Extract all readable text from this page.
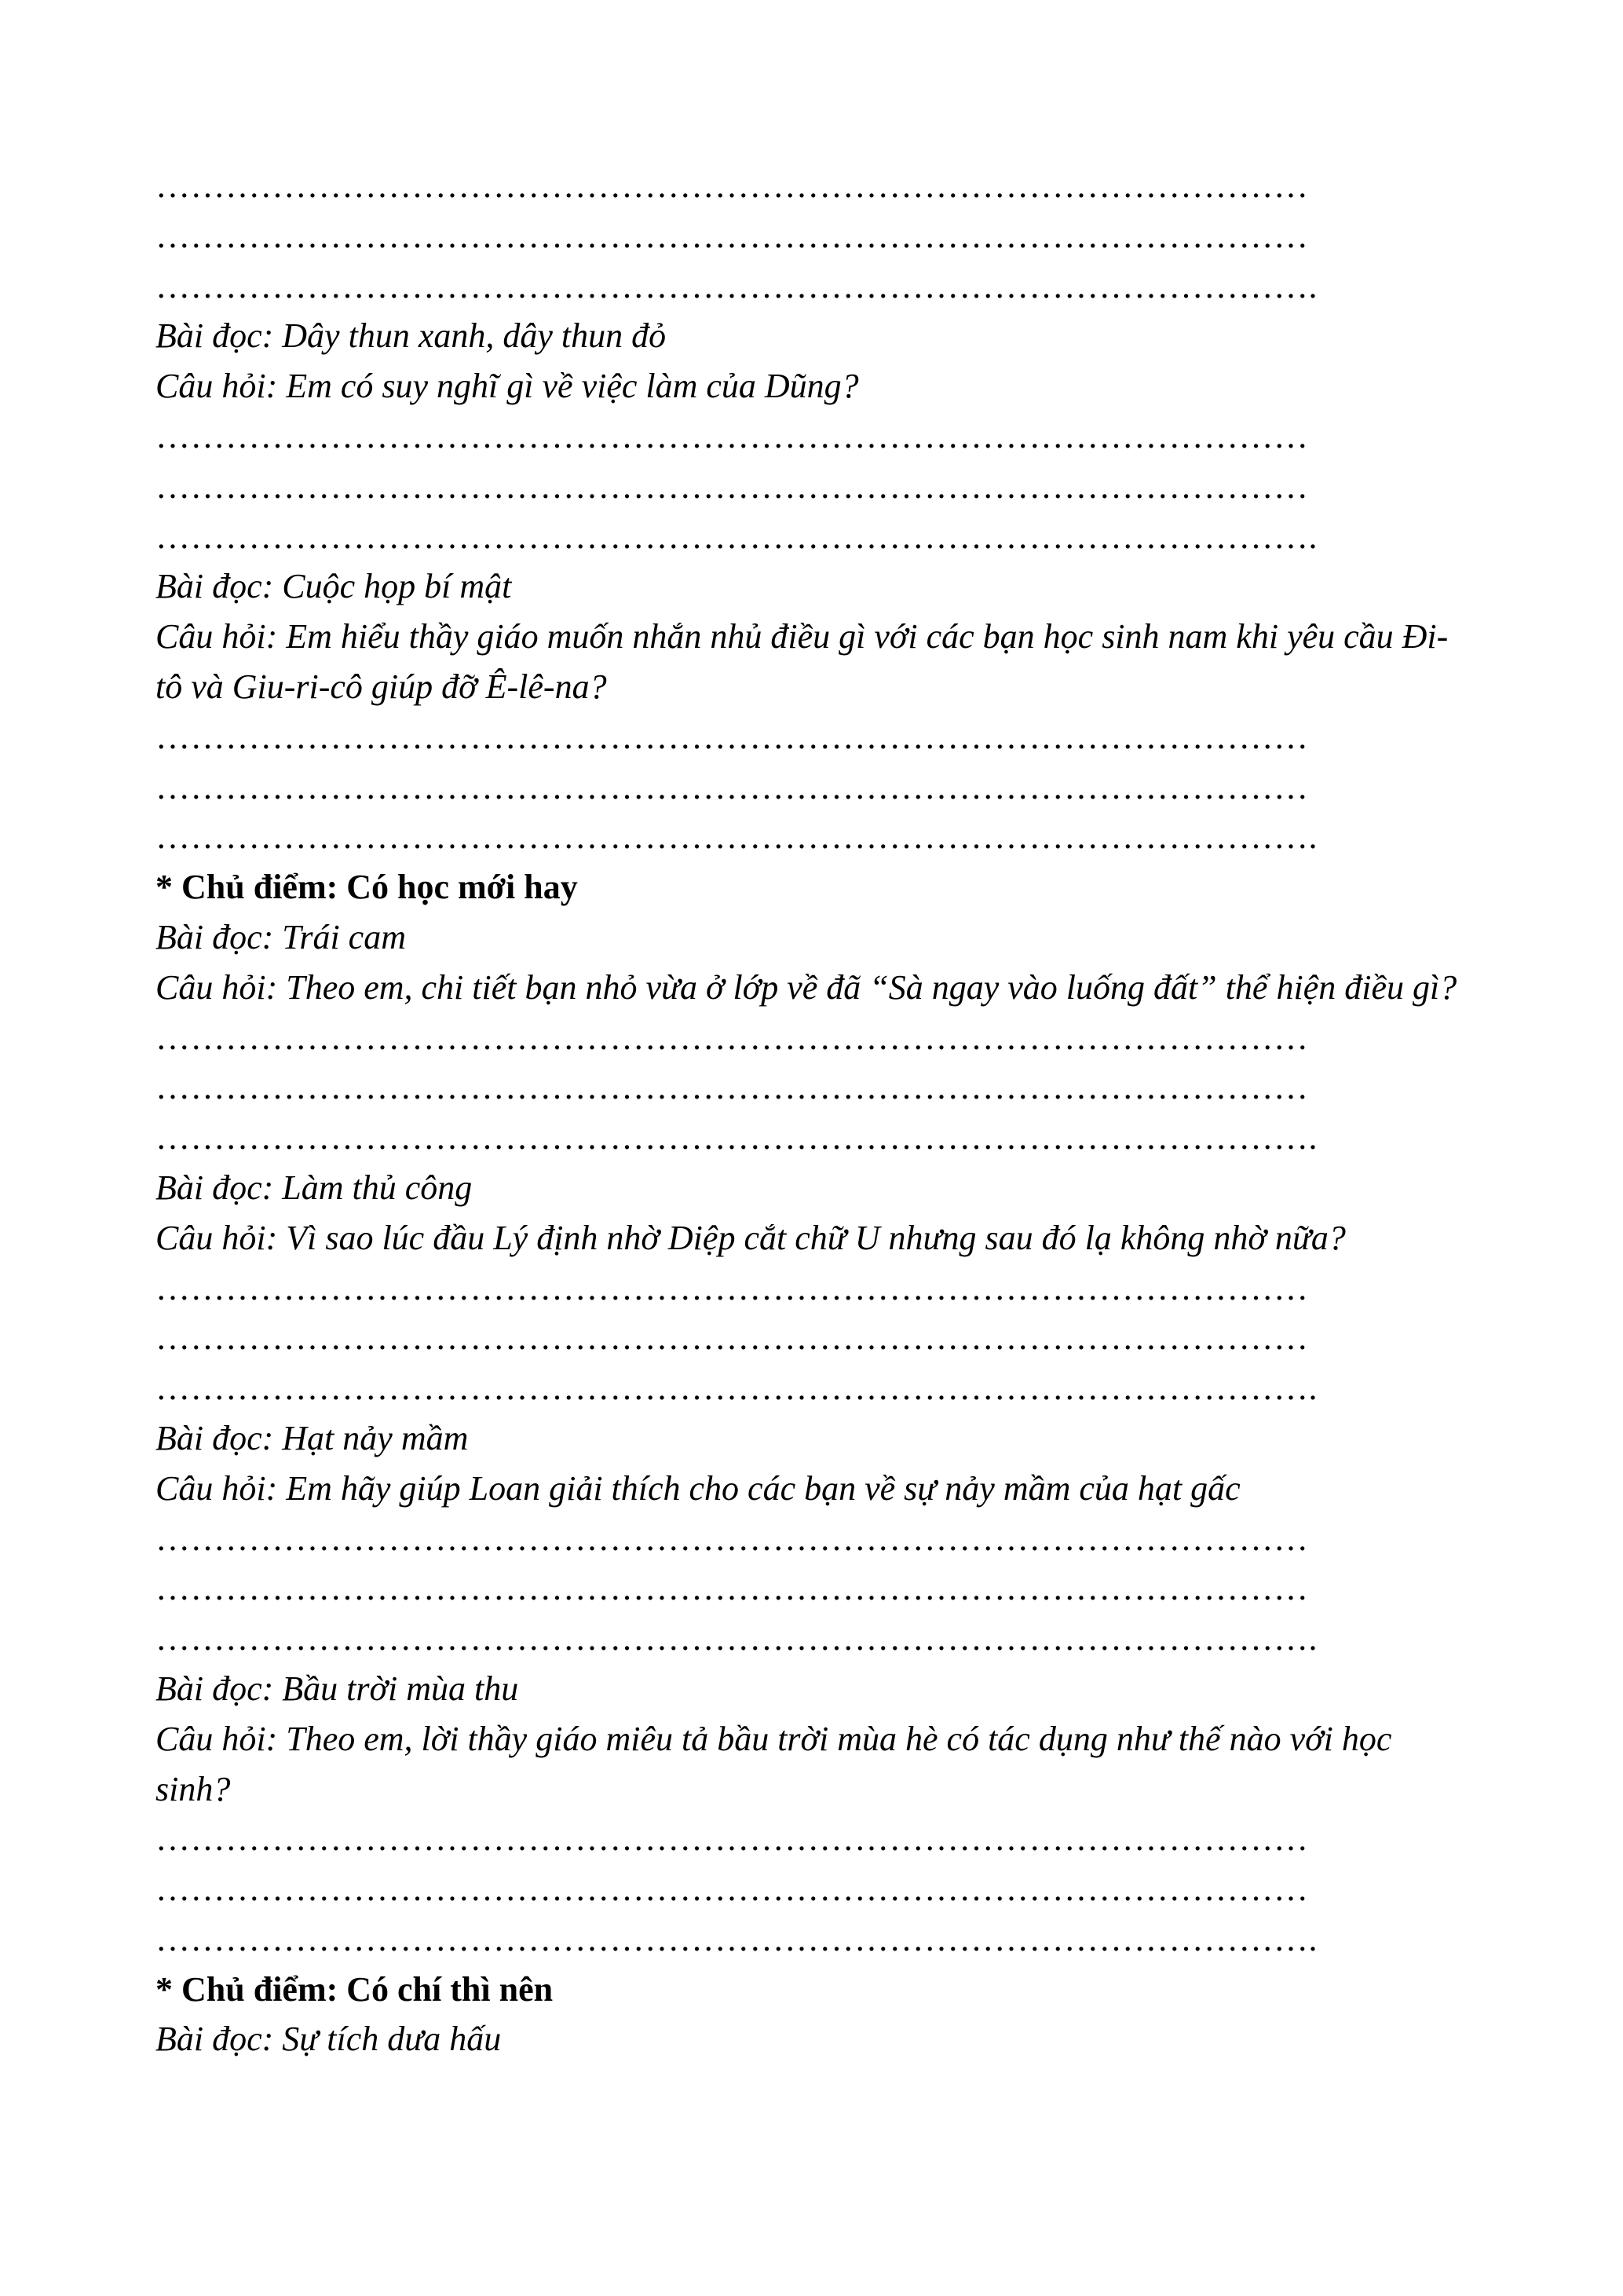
………………………………………………………………………………………
………………………………………………………………………………………
……………………………………………………………………………………….
Bài đọc: Dây thun xanh, dây thun đỏ
Câu hỏi: Em có suy nghĩ gì về việc làm của Dũng?
………………………………………………………………………………………
………………………………………………………………………………………
……………………………………………………………………………………….
Bài đọc: Cuộc họp bí mật
Câu hỏi: Em hiểu thầy giáo muốn nhắn nhủ điều gì với các bạn học sinh nam khi yêu cầu Đi-tô và Giu-ri-cô giúp đỡ Ê-lê-na?
………………………………………………………………………………………
………………………………………………………………………………………
……………………………………………………………………………………….
* Chủ điểm: Có học mới hay
Bài đọc: Trái cam
Câu hỏi: Theo em, chi tiết bạn nhỏ vừa ở lớp về đã “Sà ngay vào luống đất” thể hiện điều gì?
………………………………………………………………………………………
………………………………………………………………………………………
……………………………………………………………………………………….
Bài đọc: Làm thủ công
Câu hỏi: Vì sao lúc đầu Lý định nhờ Diệp cắt chữ U nhưng sau đó lạ không nhờ nữa?
………………………………………………………………………………………
………………………………………………………………………………………
……………………………………………………………………………………….
Bài đọc: Hạt nảy mầm
Câu hỏi: Em hãy giúp Loan giải thích cho các bạn về sự nảy mầm của hạt gấc
………………………………………………………………………………………
………………………………………………………………………………………
……………………………………………………………………………………….
Bài đọc: Bầu trời mùa thu
Câu hỏi: Theo em, lời thầy giáo miêu tả bầu trời mùa hè có tác dụng như thế nào với học sinh?
………………………………………………………………………………………
………………………………………………………………………………………
……………………………………………………………………………………….
* Chủ điểm: Có chí thì nên
Bài đọc: Sự tích dưa hấu
